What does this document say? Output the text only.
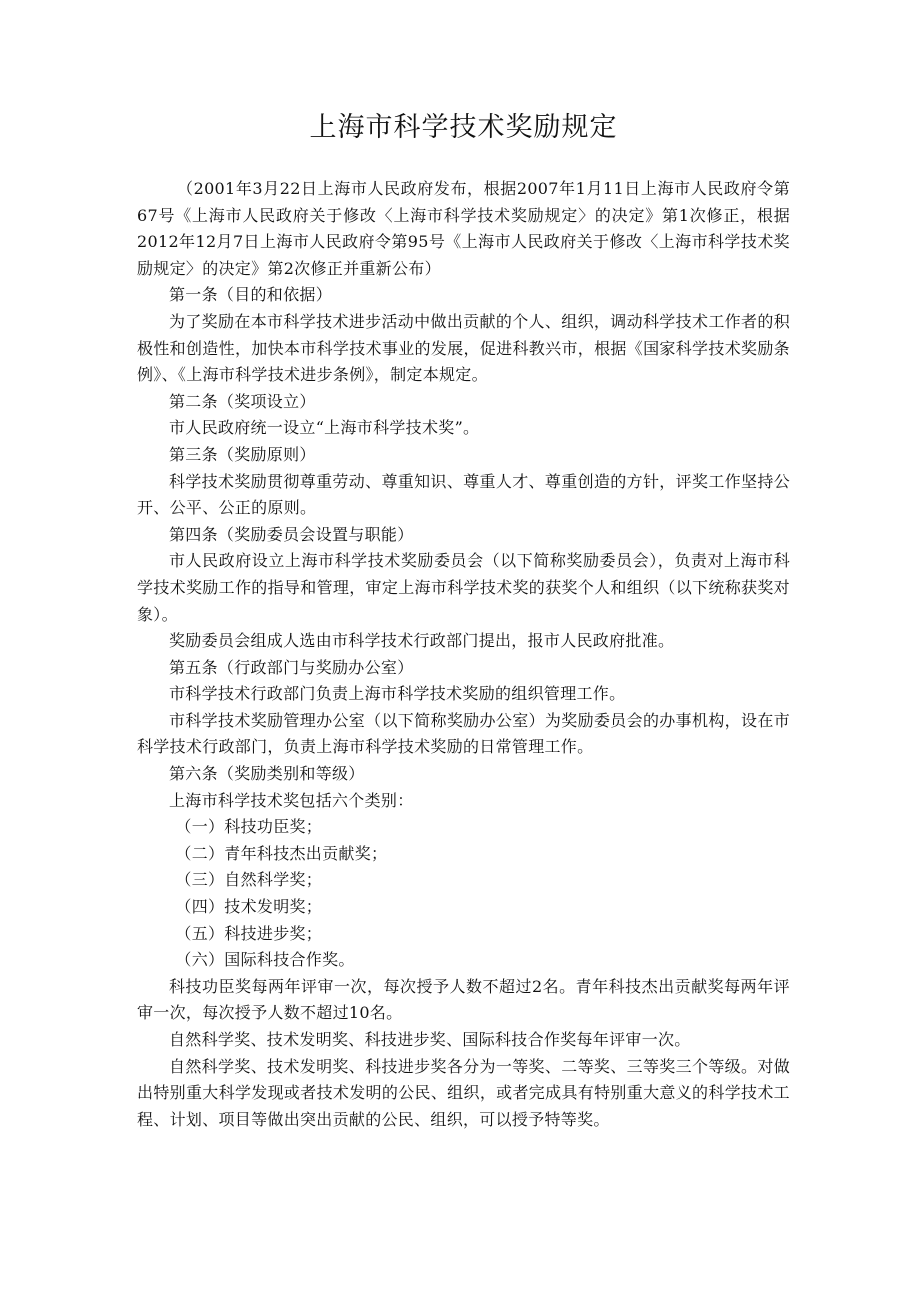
上海市科学技术奖励规定

（2001年3月22日上海市人民政府发布，根据2007年1月11日上海市人民政府令第67号《上海市人民政府关于修改〈上海市科学技术奖励规定〉的决定》第1次修正，根据2012年12月7日上海市人民政府令第95号《上海市人民政府关于修改〈上海市科学技术奖励规定〉的决定》第2次修正并重新公布）

第一条（目的和依据）

为了奖励在本市科学技术进步活动中做出贡献的个人、组织，调动科学技术工作者的积极性和创造性，加快本市科学技术事业的发展，促进科教兴市，根据《国家科学技术奖励条例》、《上海市科学技术进步条例》，制定本规定。

第二条（奖项设立）

市人民政府统一设立“上海市科学技术奖”。

第三条（奖励原则）

科学技术奖励贯彻尊重劳动、尊重知识、尊重人才、尊重创造的方针，评奖工作坚持公开、公平、公正的原则。

第四条（奖励委员会设置与职能）

市人民政府设立上海市科学技术奖励委员会（以下简称奖励委员会），负责对上海市科学技术奖励工作的指导和管理，审定上海市科学技术奖的获奖个人和组织（以下统称获奖对象）。

奖励委员会组成人选由市科学技术行政部门提出，报市人民政府批准。

第五条（行政部门与奖励办公室）

市科学技术行政部门负责上海市科学技术奖励的组织管理工作。

市科学技术奖励管理办公室（以下简称奖励办公室）为奖励委员会的办事机构，设在市科学技术行政部门，负责上海市科学技术奖励的日常管理工作。

第六条（奖励类别和等级）

上海市科学技术奖包括六个类别：

（一）科技功臣奖；

（二）青年科技杰出贡献奖；

（三）自然科学奖；

（四）技术发明奖；

（五）科技进步奖；

（六）国际科技合作奖。

科技功臣奖每两年评审一次，每次授予人数不超过2名。青年科技杰出贡献奖每两年评审一次，每次授予人数不超过10名。

自然科学奖、技术发明奖、科技进步奖、国际科技合作奖每年评审一次。

自然科学奖、技术发明奖、科技进步奖各分为一等奖、二等奖、三等奖三个等级。对做出特别重大科学发现或者技术发明的公民、组织，或者完成具有特别重大意义的科学技术工程、计划、项目等做出突出贡献的公民、组织，可以授予特等奖。
